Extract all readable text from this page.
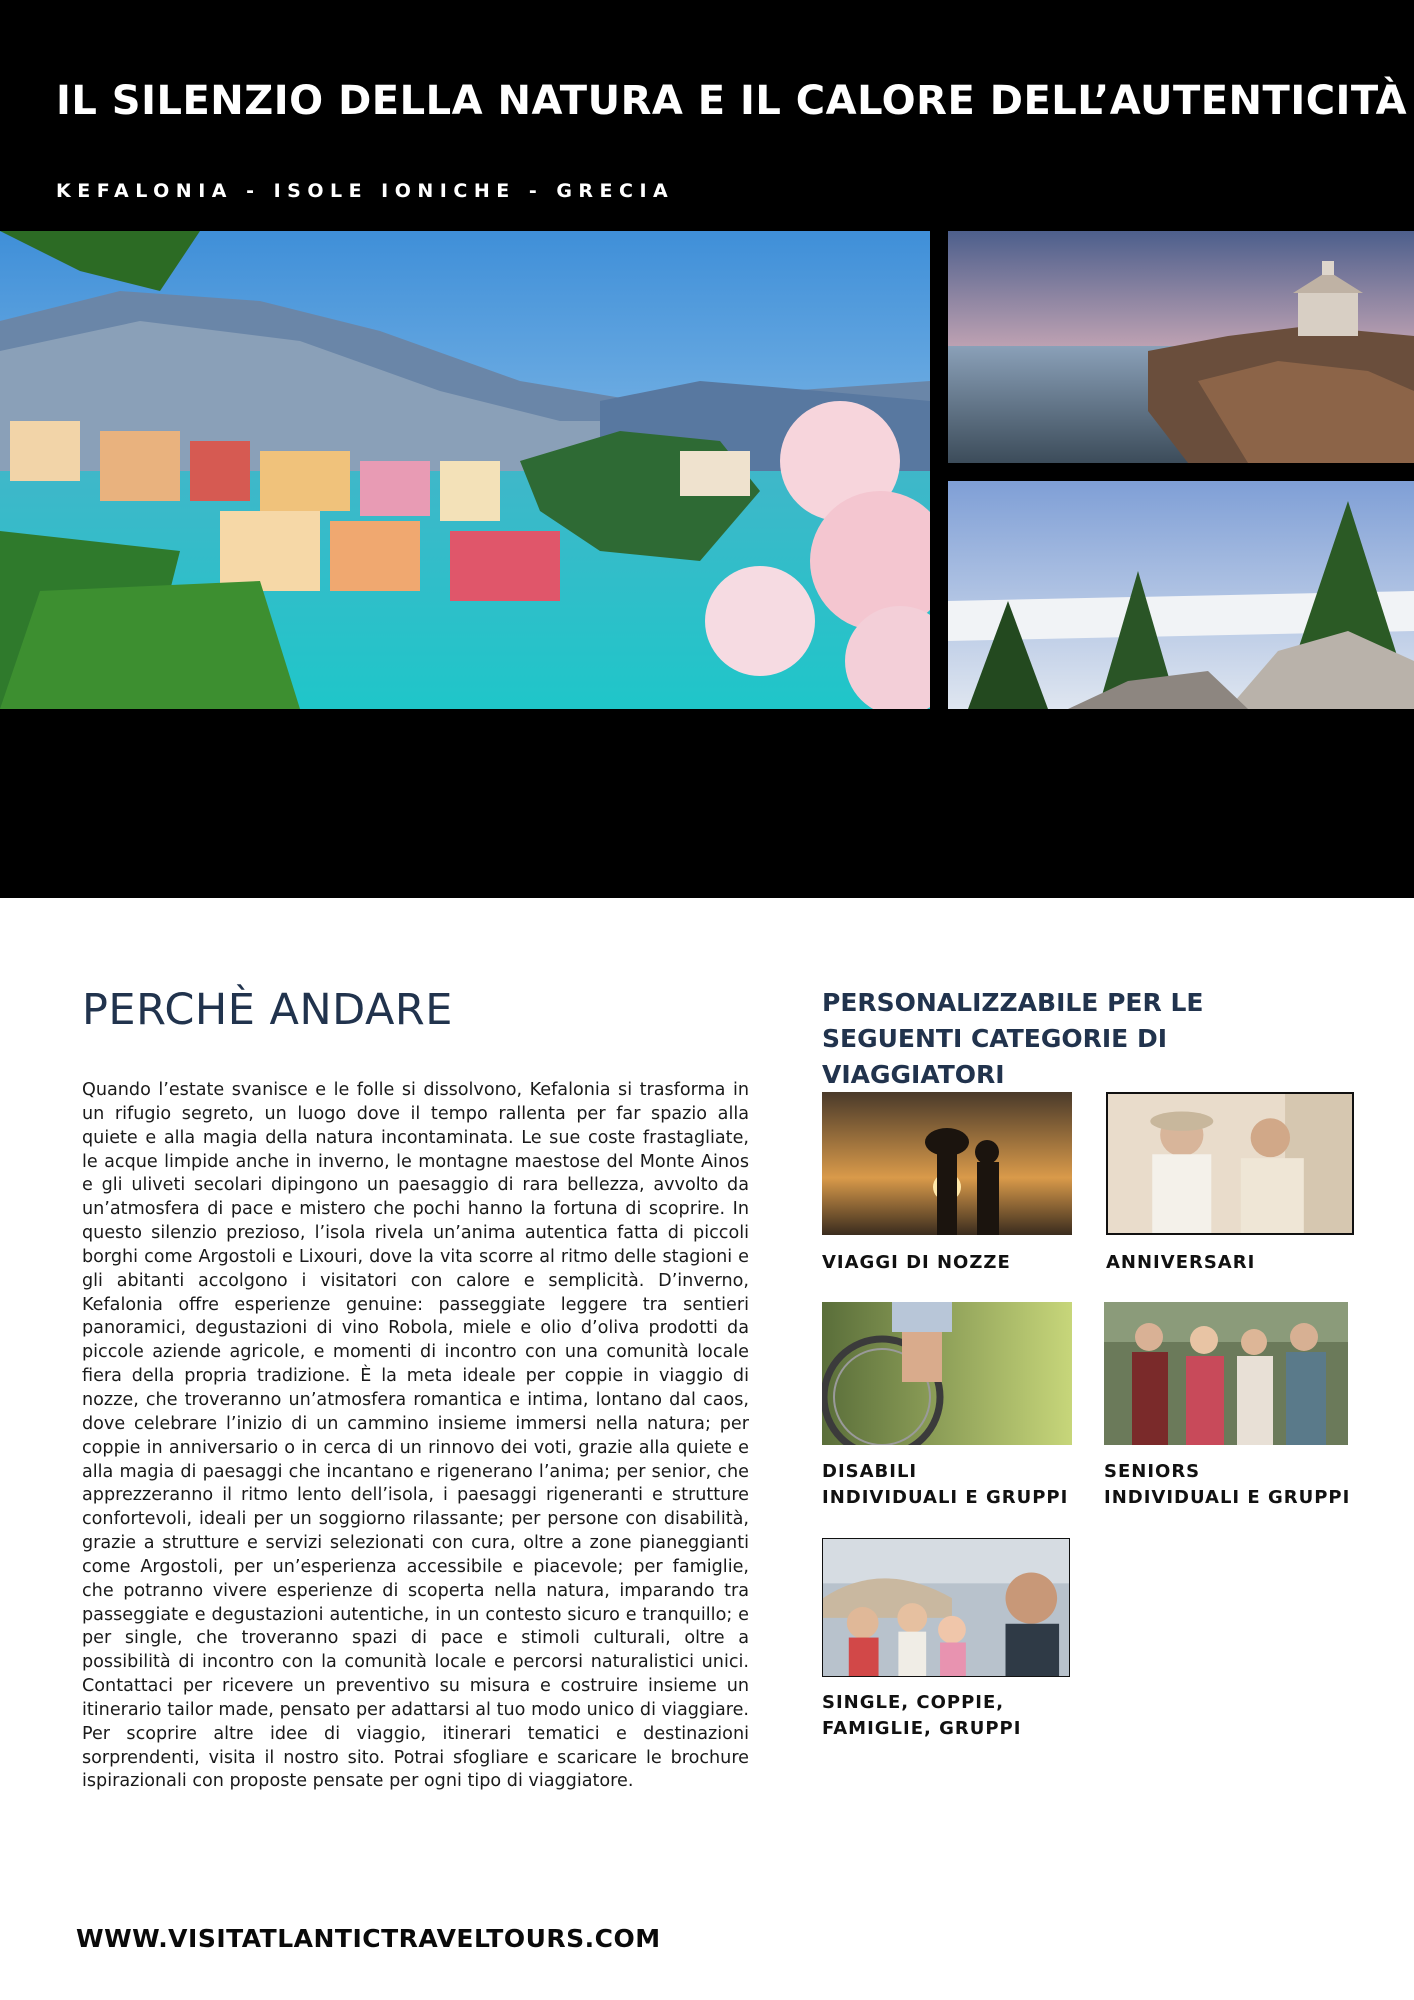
IL SILENZIO DELLA NATURA E IL CALORE DELL’AUTENTICITÀ
KEFALONIA - ISOLE IONICHE - GRECIA
PERCHÈ ANDARE

Quando l’estate svanisce e le folle si dissolvono, Kefalonia si trasforma in un rifugio segreto, un luogo dove il tempo rallenta per far spazio alla quiete e alla magia della natura incontaminata. Le sue coste frastagliate, le acque limpide anche in inverno, le montagne maestose del Monte Ainos e gli uliveti secolari dipingono un paesaggio di rara bellezza, avvolto da un’atmosfera di pace e mistero che pochi hanno la fortuna di scoprire. In questo silenzio prezioso, l’isola rivela un’anima autentica fatta di piccoli borghi come Argostoli e Lixouri, dove la vita scorre al ritmo delle stagioni e gli abitanti accolgono i visitatori con calore e semplicità. D’inverno, Kefalonia offre esperienze genuine: passeggiate leggere tra sentieri panoramici, degustazioni di vino Robola, miele e olio d’oliva prodotti da piccole aziende agricole, e momenti di incontro con una comunità locale fiera della propria tradizione. È la meta ideale per coppie in viaggio di nozze, che troveranno un’atmosfera romantica e intima, lontano dal caos, dove celebrare l’inizio di un cammino insieme immersi nella natura; per coppie in anniversario o in cerca di un rinnovo dei voti, grazie alla quiete e alla magia di paesaggi che incantano e rigenerano l’anima; per senior, che apprezzeranno il ritmo lento dell’isola, i paesaggi rigeneranti e strutture confortevoli, ideali per un soggiorno rilassante; per persone con disabilità, grazie a strutture e servizi selezionati con cura, oltre a zone pianeggianti come Argostoli, per un’esperienza accessibile e piacevole; per famiglie, che potranno vivere esperienze di scoperta nella natura, imparando tra passeggiate e degustazioni autentiche, in un contesto sicuro e tranquillo; e per single, che troveranno spazi di pace e stimoli culturali, oltre a possibilità di incontro con la comunità locale e percorsi naturalistici unici. Contattaci per ricevere un preventivo su misura e costruire insieme un itinerario tailor made, pensato per adattarsi al tuo modo unico di viaggiare. Per scoprire altre idee di viaggio, itinerari tematici e destinazioni sorprendenti, visita il nostro sito. Potrai sfogliare e scaricare le brochure ispirazionali con proposte pensate per ogni tipo di viaggiatore.

PERSONALIZZABILE PER LE SEGUENTI CATEGORIE DI VIAGGIATORI
VIAGGI DI NOZZE	ANNIVERSARI
DISABILI
INDIVIDUALI E GRUPPI
SENIORS
INDIVIDUALI E GRUPPI
SINGLE, COPPIE,
FAMIGLIE, GRUPPI
WWW.VISITATLANTICTRAVELTOURS.COM
